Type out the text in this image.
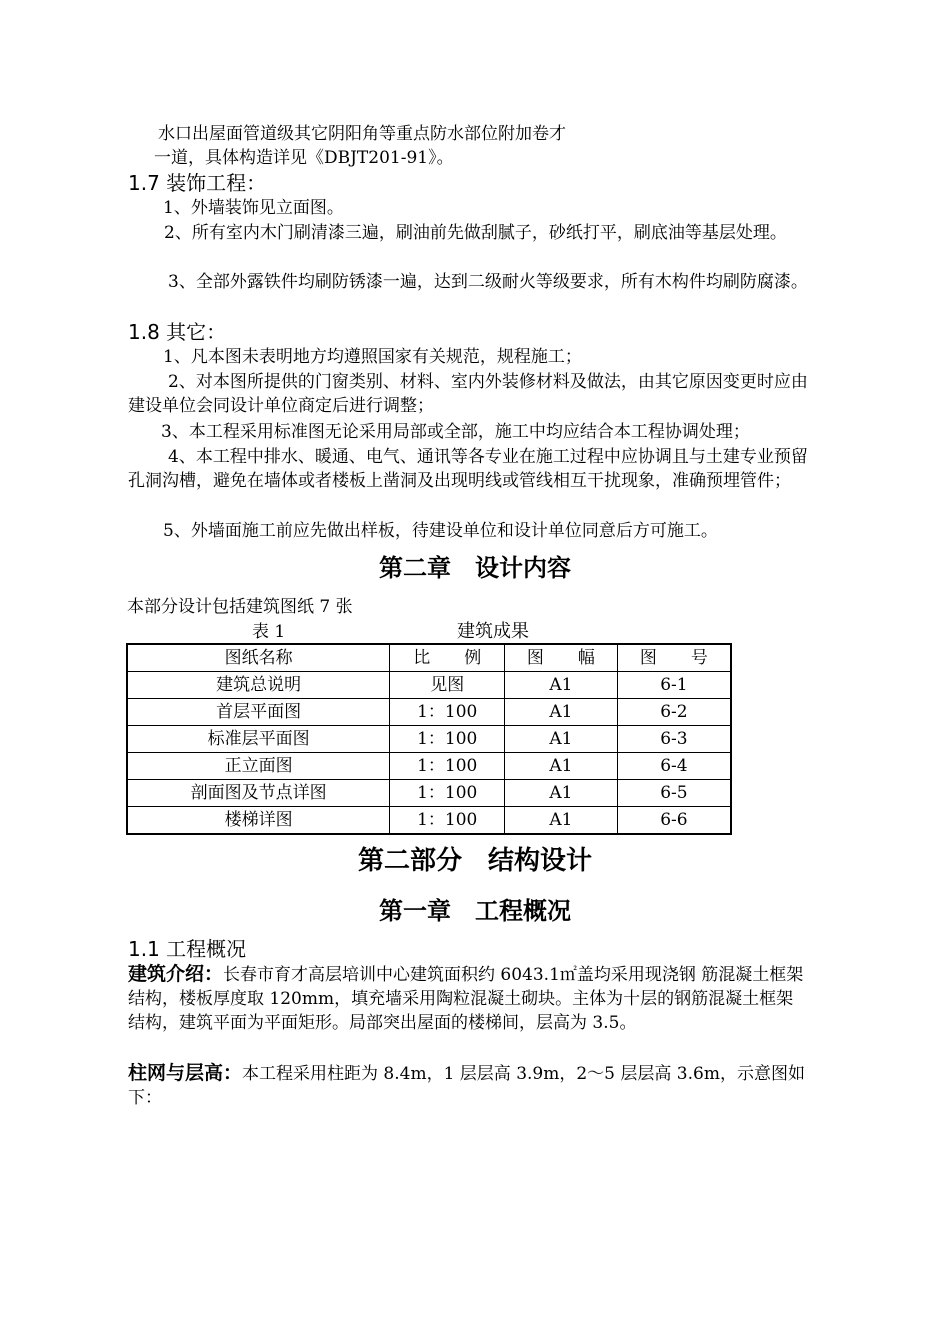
水口出屋面管道级其它阴阳角等重点防水部位附加卷才
一道，具体构造详见《DBJT201-91》。
1.7 装饰工程：
1、外墙装饰见立面图。
2、所有室内木门刷清漆三遍，刷油前先做刮腻子，砂纸打平，刷底油等基层处理。
3、全部外露铁件均刷防锈漆一遍，达到二级耐火等级要求，所有木构件均刷防腐漆。
1.8 其它：
1、凡本图未表明地方均遵照国家有关规范，规程施工；
2、对本图所提供的门窗类别、材料、室内外装修材料及做法，由其它原因变更时应由建设单位会同设计单位商定后进行调整；
3、本工程采用标准图无论采用局部或全部，施工中均应结合本工程协调处理；
4、本工程中排水、暖通、电气、通讯等各专业在施工过程中应协调且与土建专业预留孔洞沟槽，避免在墙体或者楼板上凿洞及出现明线或管线相互干扰现象，准确预埋管件；
5、外墙面施工前应先做出样板，待建设单位和设计单位同意后方可施工。
第二章　设计内容
本部分设计包括建筑图纸 7 张
表 1	建筑成果
图纸名称	比　　例	图　　幅	图　　号
建筑总说明	见图	A1	6-1
首层平面图	1：100	A1	6-2
标准层平面图	1：100	A1	6-3
正立面图	1：100	A1	6-4
剖面图及节点详图	1：100	A1	6-5
楼梯详图	1：100	A1	6-6
第二部分　结构设计
第一章　工程概况
1.1 工程概况
建筑介绍：长春市育才高层培训中心建筑面积约 6043.1㎡盖均采用现浇钢 筋混凝土框架结构，楼板厚度取 120mm，填充墙采用陶粒混凝土砌块。主体为十层的钢筋混凝土框架结构，建筑平面为平面矩形。局部突出屋面的楼梯间，层高为 3.5。
柱网与层高：本工程采用柱距为 8.4m，1 层层高 3.9m，2～5 层层高 3.6m，示意图如下：
